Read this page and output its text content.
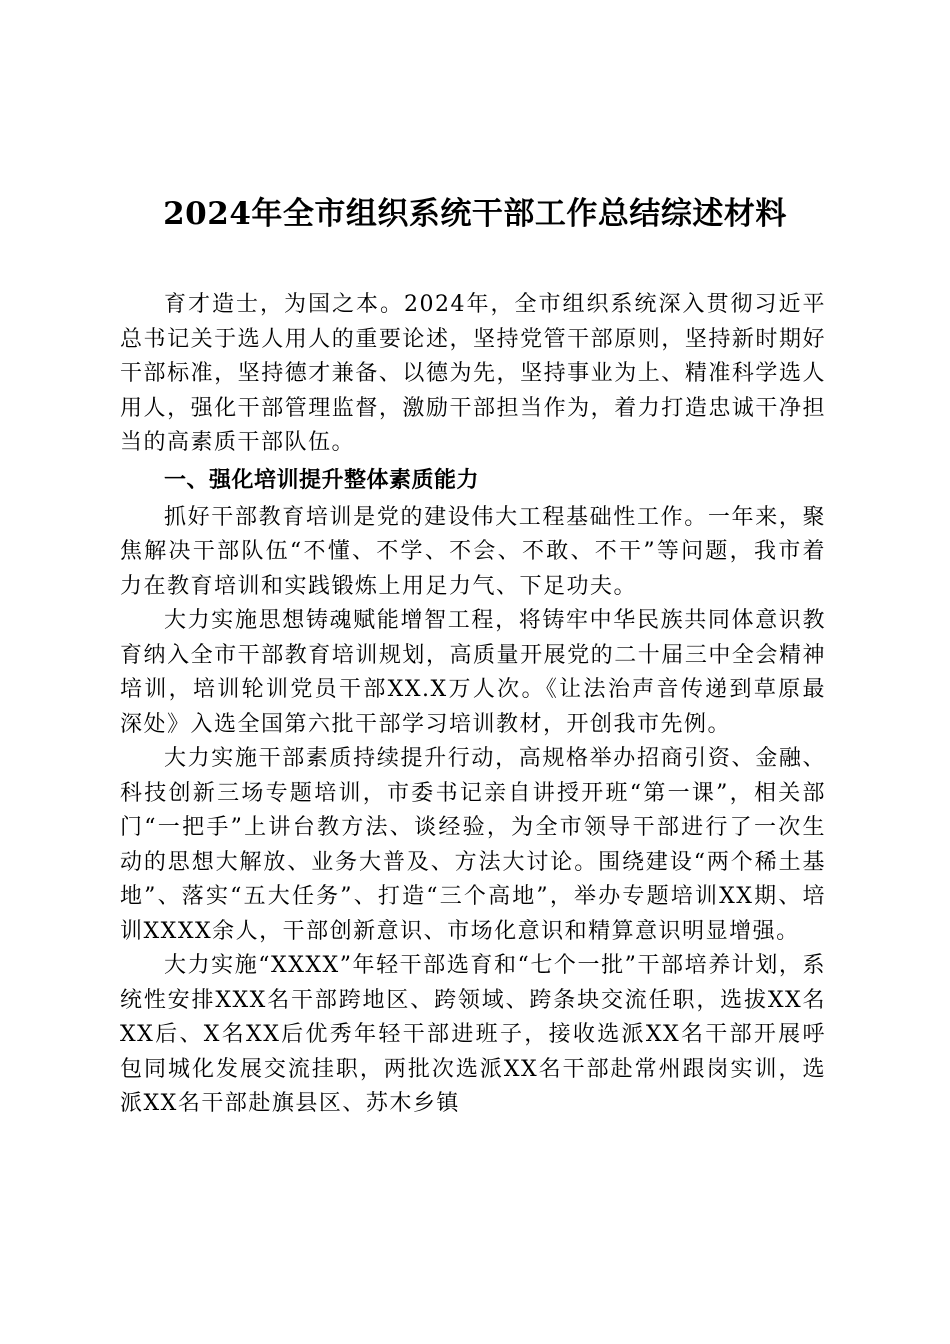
2024年全市组织系统干部工作总结综述材料

育才造士，为国之本。2024年，全市组织系统深入贯彻习近平总书记关于选人用人的重要论述，坚持党管干部原则，坚持新时期好干部标准，坚持德才兼备、以德为先，坚持事业为上、精准科学选人用人，强化干部管理监督，激励干部担当作为，着力打造忠诚干净担当的高素质干部队伍。

一、强化培训提升整体素质能力

抓好干部教育培训是党的建设伟大工程基础性工作。一年来，聚焦解决干部队伍“不懂、不学、不会、不敢、不干”等问题，我市着力在教育培训和实践锻炼上用足力气、下足功夫。

大力实施思想铸魂赋能增智工程，将铸牢中华民族共同体意识教育纳入全市干部教育培训规划，高质量开展党的二十届三中全会精神培训，培训轮训党员干部XX.X万人次。《让法治声音传递到草原最深处》入选全国第六批干部学习培训教材，开创我市先例。

大力实施干部素质持续提升行动，高规格举办招商引资、金融、科技创新三场专题培训，市委书记亲自讲授开班“第一课”，相关部门“一把手”上讲台教方法、谈经验，为全市领导干部进行了一次生动的思想大解放、业务大普及、方法大讨论。围绕建设“两个稀土基地”、落实“五大任务”、打造“三个高地”，举办专题培训XX期、培训XXXX余人，干部创新意识、市场化意识和精算意识明显增强。

大力实施“XXXX”年轻干部选育和“七个一批”干部培养计划，系统性安排XXX名干部跨地区、跨领域、跨条块交流任职，选拔XX名XX后、X名XX后优秀年轻干部进班子，接收选派XX名干部开展呼包同城化发展交流挂职，两批次选派XX名干部赴常州跟岗实训，选派XX名干部赴旗县区、苏木乡镇
